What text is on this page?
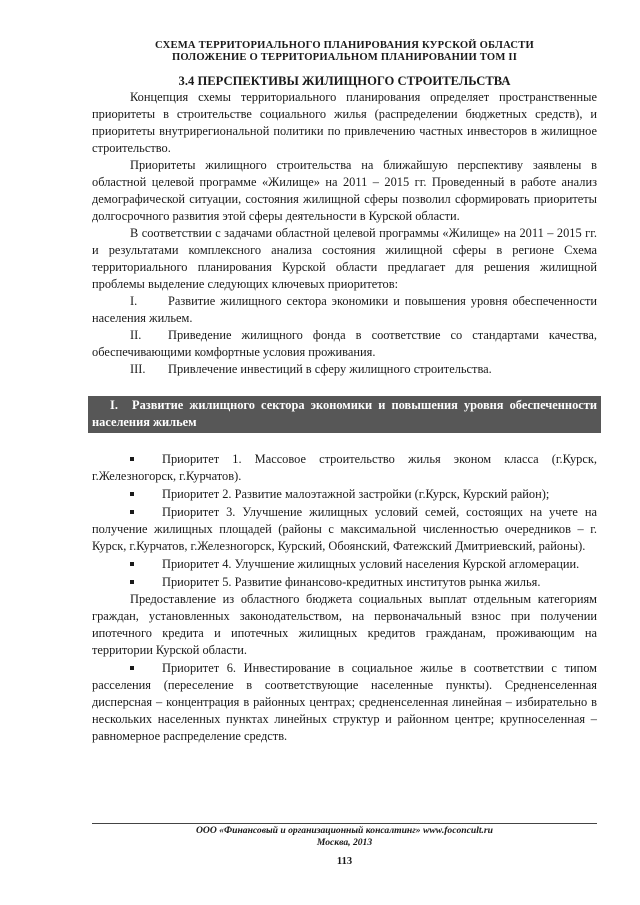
СХЕМА ТЕРРИТОРИАЛЬНОГО ПЛАНИРОВАНИЯ КУРСКОЙ ОБЛАСТИ
ПОЛОЖЕНИЕ О ТЕРРИТОРИАЛЬНОМ ПЛАНИРОВАНИИ ТОМ II
3.4 ПЕРСПЕКТИВЫ ЖИЛИЩНОГО СТРОИТЕЛЬСТВА

Концепция схемы территориального планирования определяет пространственные приоритеты в строительстве социального жилья (распределении бюджетных средств), и приоритеты внутрирегиональной политики по привлечению частных инвесторов в жилищное строительство.

Приоритеты жилищного строительства на ближайшую перспективу заявлены в областной целевой программе «Жилище» на 2011 – 2015 гг. Проведенный в работе анализ демографической ситуации, состояния жилищной сферы позволил сформировать приоритеты долгосрочного развития этой сферы деятельности в Курской области.

В соответствии с задачами областной целевой программы «Жилище» на 2011 – 2015 гг. и результатами комплексного анализа состояния жилищной сферы в регионе Схема территориального планирования Курской области предлагает для решения жилищной проблемы выделение следующих ключевых приоритетов:

I. Развитие жилищного сектора экономики и повышения уровня обеспеченности населения жильем.

II. Приведение жилищного фонда в соответствие со стандартами качества, обеспечивающими комфортные условия проживания.

III. Привлечение инвестиций в сферу жилищного строительства.

I. Развитие жилищного сектора экономики и повышения уровня обеспеченности населения жильем

Приоритет 1. Массовое строительство жилья эконом класса (г.Курск, г.Железногорск, г.Курчатов).

Приоритет 2. Развитие малоэтажной застройки (г.Курск, Курский район);

Приоритет 3. Улучшение жилищных условий семей, состоящих на учете на получение жилищных площадей (районы с максимальной численностью очередников – г. Курск, г.Курчатов, г.Железногорск, Курский, Обоянский, Фатежский Дмитриевский, районы).

Приоритет 4. Улучшение жилищных условий населения Курской агломерации.

Приоритет 5. Развитие финансово-кредитных институтов рынка жилья.

Предоставление из областного бюджета социальных выплат отдельным категориям граждан, установленных законодательством, на первоначальный взнос при получении ипотечного кредита и ипотечных жилищных кредитов гражданам, проживающим на территории Курской области.

Приоритет 6. Инвестирование в социальное жилье в соответствии с типом расселения (переселение в соответствующие населенные пункты). Средненселенная дисперсная – концентрация в районных центрах; средненселенная линейная – избирательно в нескольких населенных пунктах линейных структур и районном центре; крупноселенная – равномерное распределение средств.

ООО «Финансовый и организационный консалтинг» www.foconcult.ru
Москва, 2013
113
